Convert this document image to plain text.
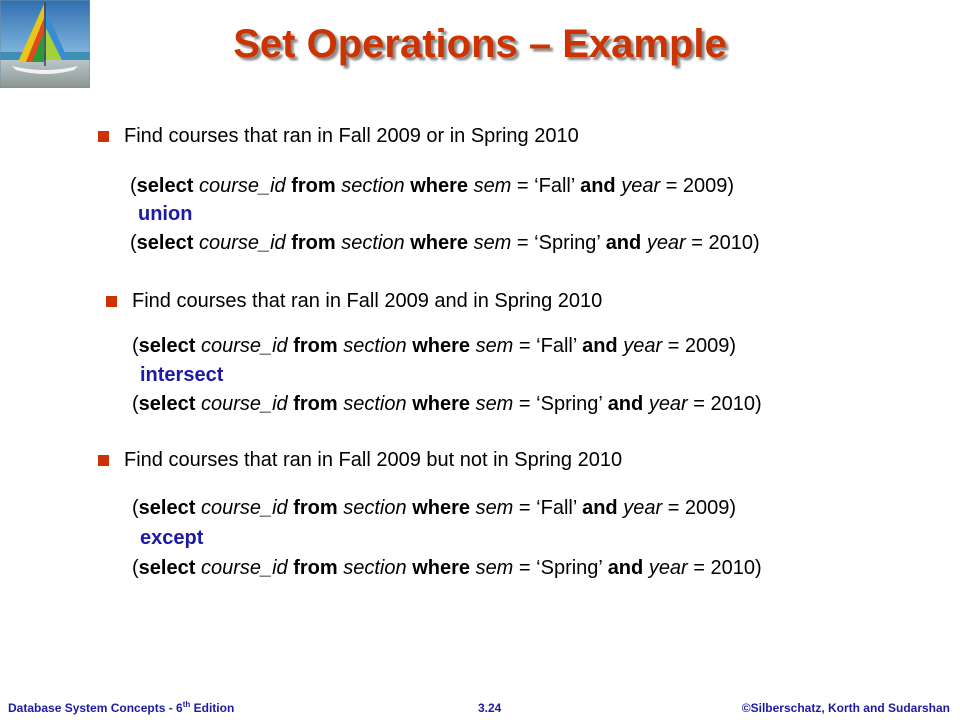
Set Operations – Example
Find courses that ran in Fall 2009 or in Spring 2010
(select course_id from section where sem = ‘Fall’ and year = 2009)
union
(select course_id from section where sem = ‘Spring’ and year = 2010)
Find courses that ran in Fall 2009 and in Spring 2010
(select course_id from section where sem = ‘Fall’ and year = 2009)
intersect
(select course_id from section where sem = ‘Spring’ and year = 2010)
Find courses that ran in Fall 2009 but not in Spring 2010
(select course_id from section where sem = ‘Fall’ and year = 2009)
except
(select course_id from section where sem = ‘Spring’ and year = 2010)
Database System Concepts - 6th Edition	3.24	©Silberschatz, Korth and Sudarshan
